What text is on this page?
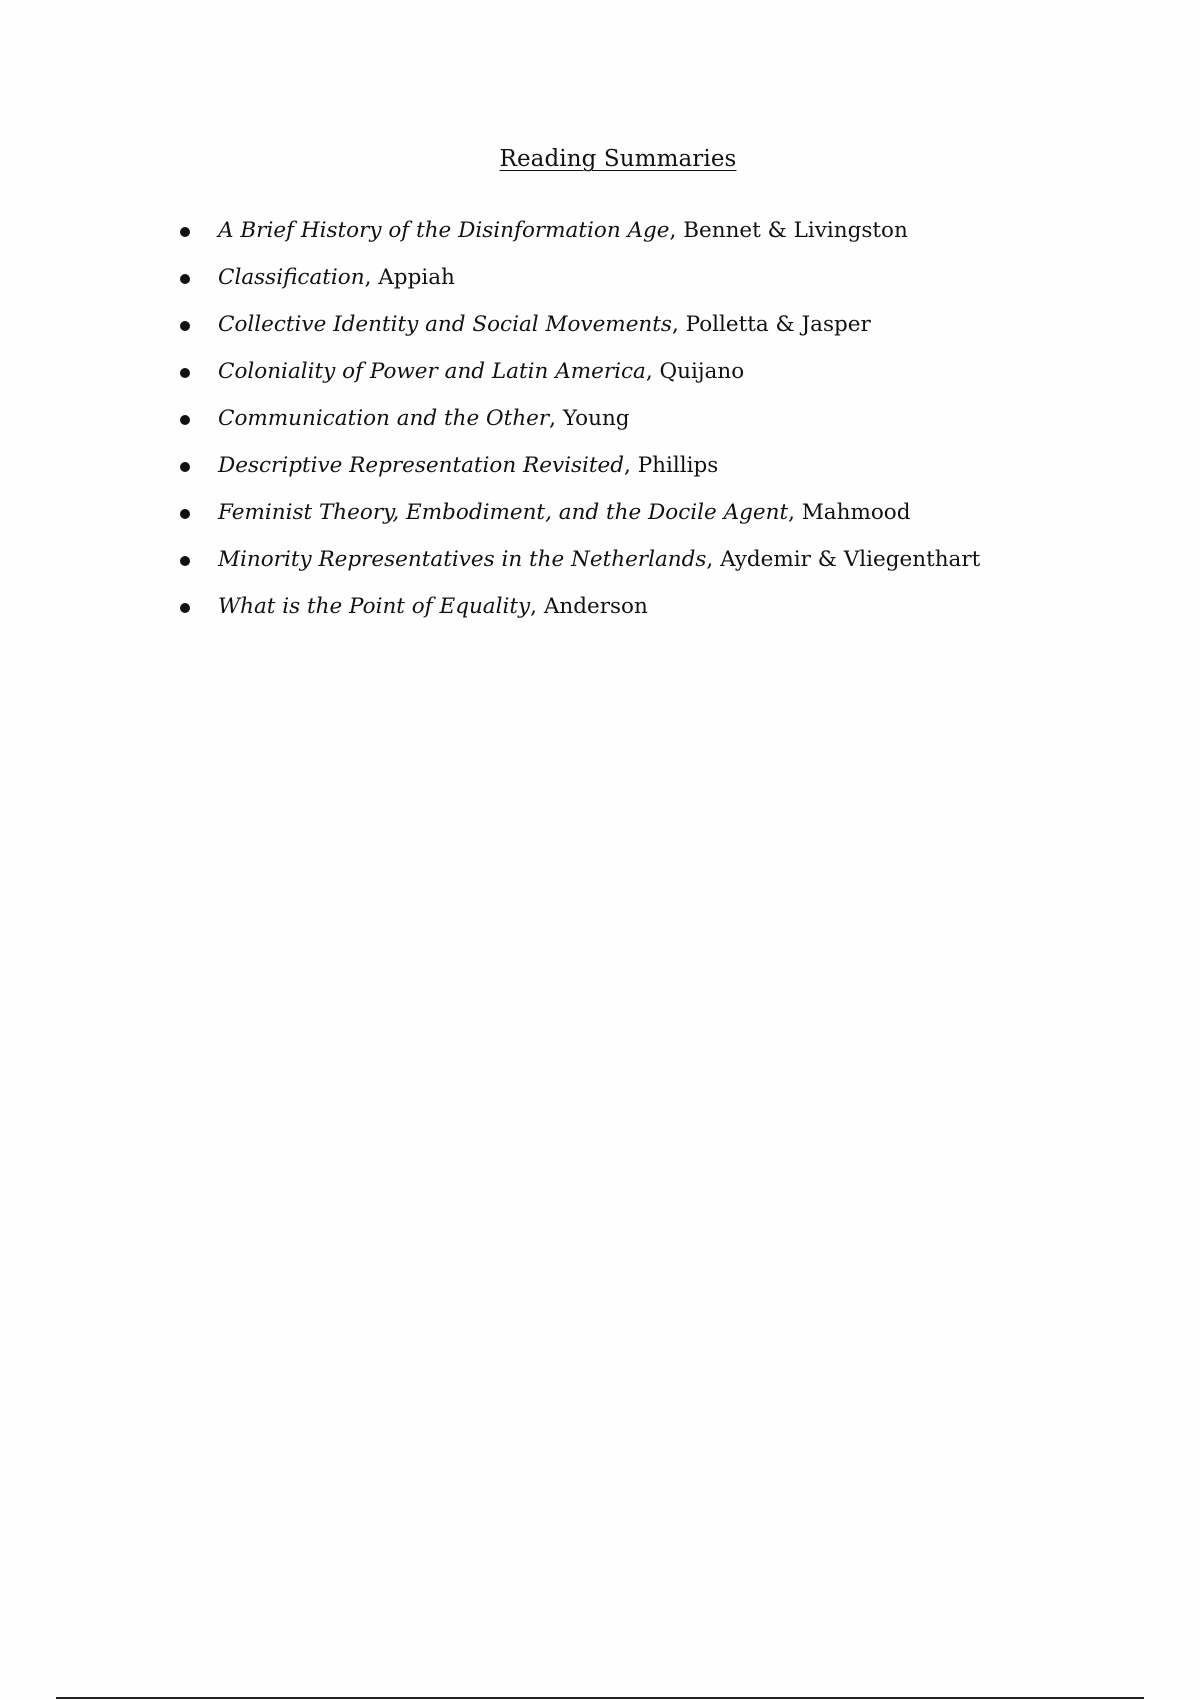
Reading Summaries
A Brief History of the Disinformation Age, Bennet & Livingston
Classification, Appiah
Collective Identity and Social Movements, Polletta & Jasper
Coloniality of Power and Latin America, Quijano
Communication and the Other, Young
Descriptive Representation Revisited, Phillips
Feminist Theory, Embodiment, and the Docile Agent, Mahmood
Minority Representatives in the Netherlands, Aydemir & Vliegenthart
What is the Point of Equality, Anderson
